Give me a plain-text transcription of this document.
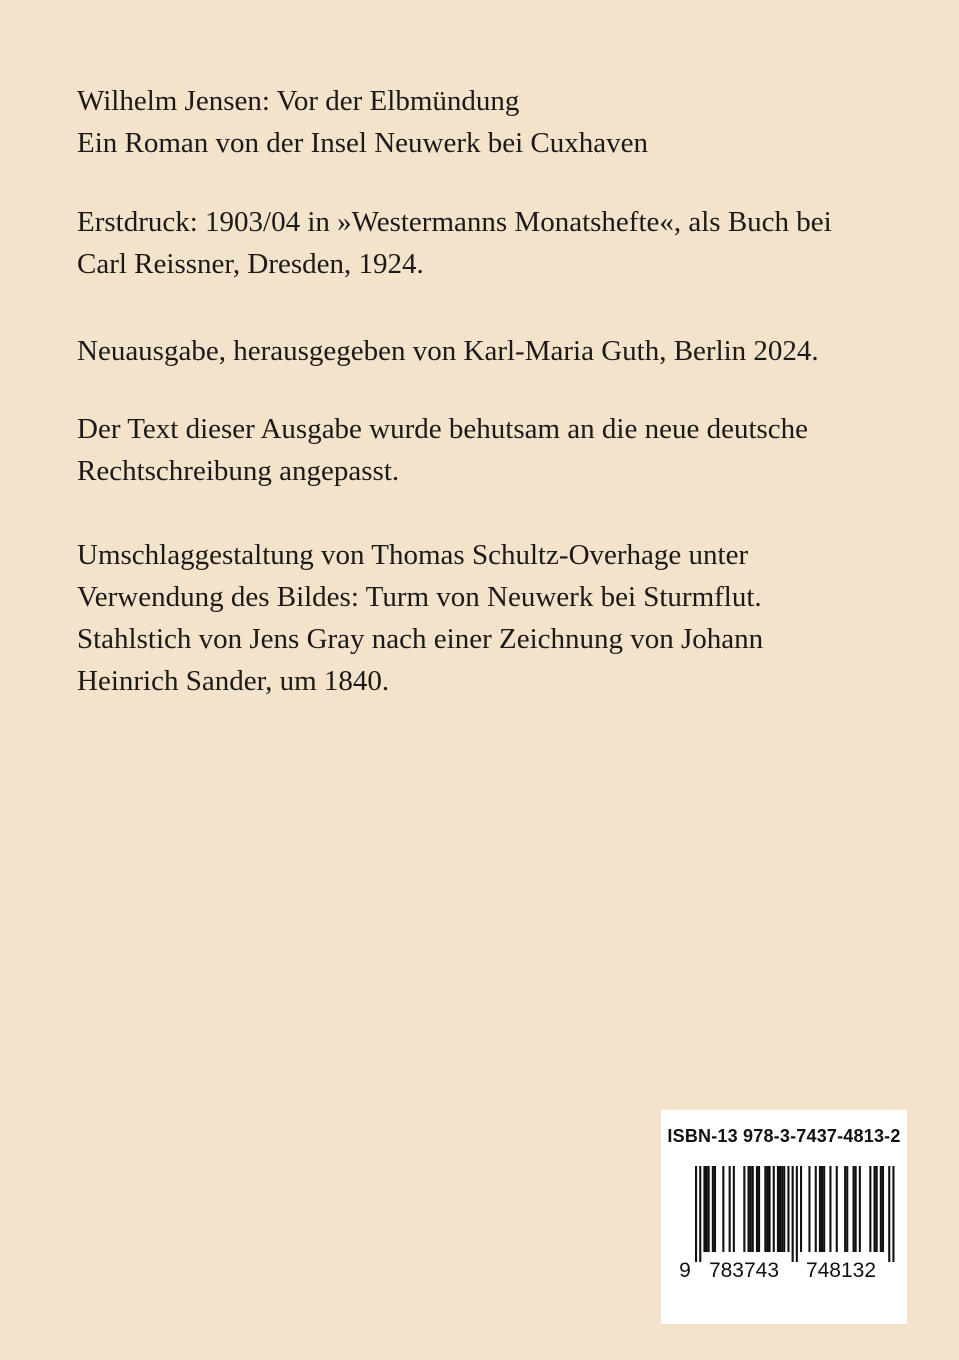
Wilhelm Jensen: Vor der Elbmündung
Ein Roman von der Insel Neuwerk bei Cuxhaven
Erstdruck: 1903/04 in »Westermanns Monatshefte«, als Buch bei
Carl Reissner, Dresden, 1924.
Neuausgabe, herausgegeben von Karl-Maria Guth, Berlin 2024.
Der Text dieser Ausgabe wurde behutsam an die neue deutsche
Rechtschreibung angepasst.
Umschlaggestaltung von Thomas Schultz-Overhage unter
Verwendung des Bildes: Turm von Neuwerk bei Sturmflut.
Stahlstich von Jens Gray nach einer Zeichnung von Johann
Heinrich Sander, um 1840.
ISBN-13 978-3-7437-4813-2
9 783743 748132
